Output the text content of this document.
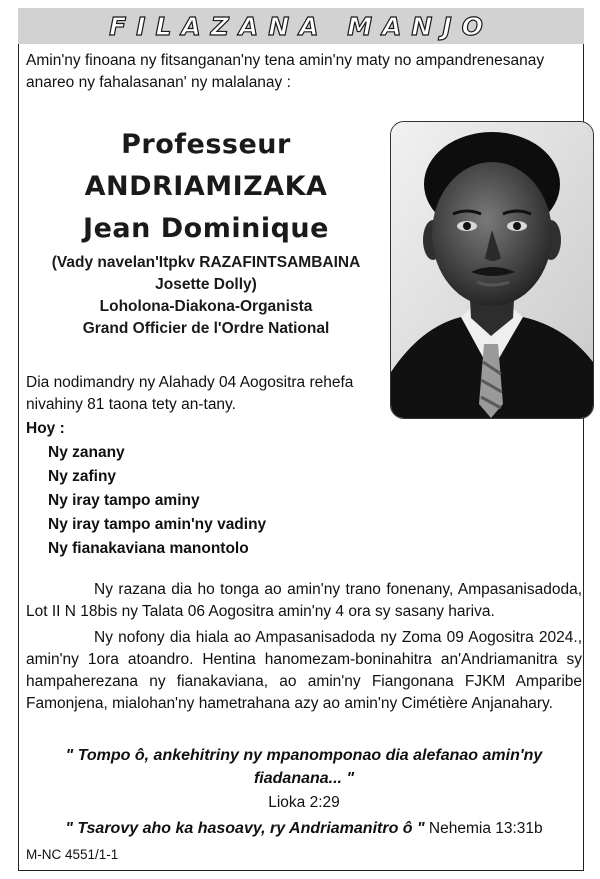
FILAZANA MANJO
Amin'ny finoana ny fitsanganan'ny tena amin'ny maty no ampandrenesanay anareo ny fahalasanan' ny malalanay :
Professeur
ANDRIAMIZAKA
Jean Dominique
(Vady navelan'Itpkv RAZAFINTSAMBAINA
Josette Dolly)
Loholona-Diakona-Organista
Grand Officier de l'Ordre National
Dia nodimandry ny Alahady 04 Aogositra rehefa nivahiny 81 taona tety an-tany.
Hoy :
Ny zanany
Ny zafiny
Ny iray tampo aminy
Ny iray tampo amin'ny vadiny
Ny fianakaviana manontolo
Ny razana dia ho tonga ao amin'ny trano fonenany, Ampasanisadoda, Lot II N 18bis ny Talata 06 Aogositra amin'ny 4 ora sy sasany hariva.
Ny nofony dia hiala ao Ampasanisadoda ny Zoma 09 Aogositra 2024., amin'ny 1ora atoandro. Hentina hanomezam-boninahitra an'Andriamanitra sy hampaherezana ny fianakaviana, ao amin'ny Fiangonana FJKM Amparibe Famonjena, mialohan'ny hametrahana azy ao amin'ny Cimétière Anjanahary.
" Tompo ô, ankehitriny ny mpanomponao dia alefanao amin'ny fiadanana... "
Lioka 2:29
" Tsarovy aho ka hasoavy, ry Andriamanitro ô " Nehemia 13:31b
M-NC 4551/1-1
